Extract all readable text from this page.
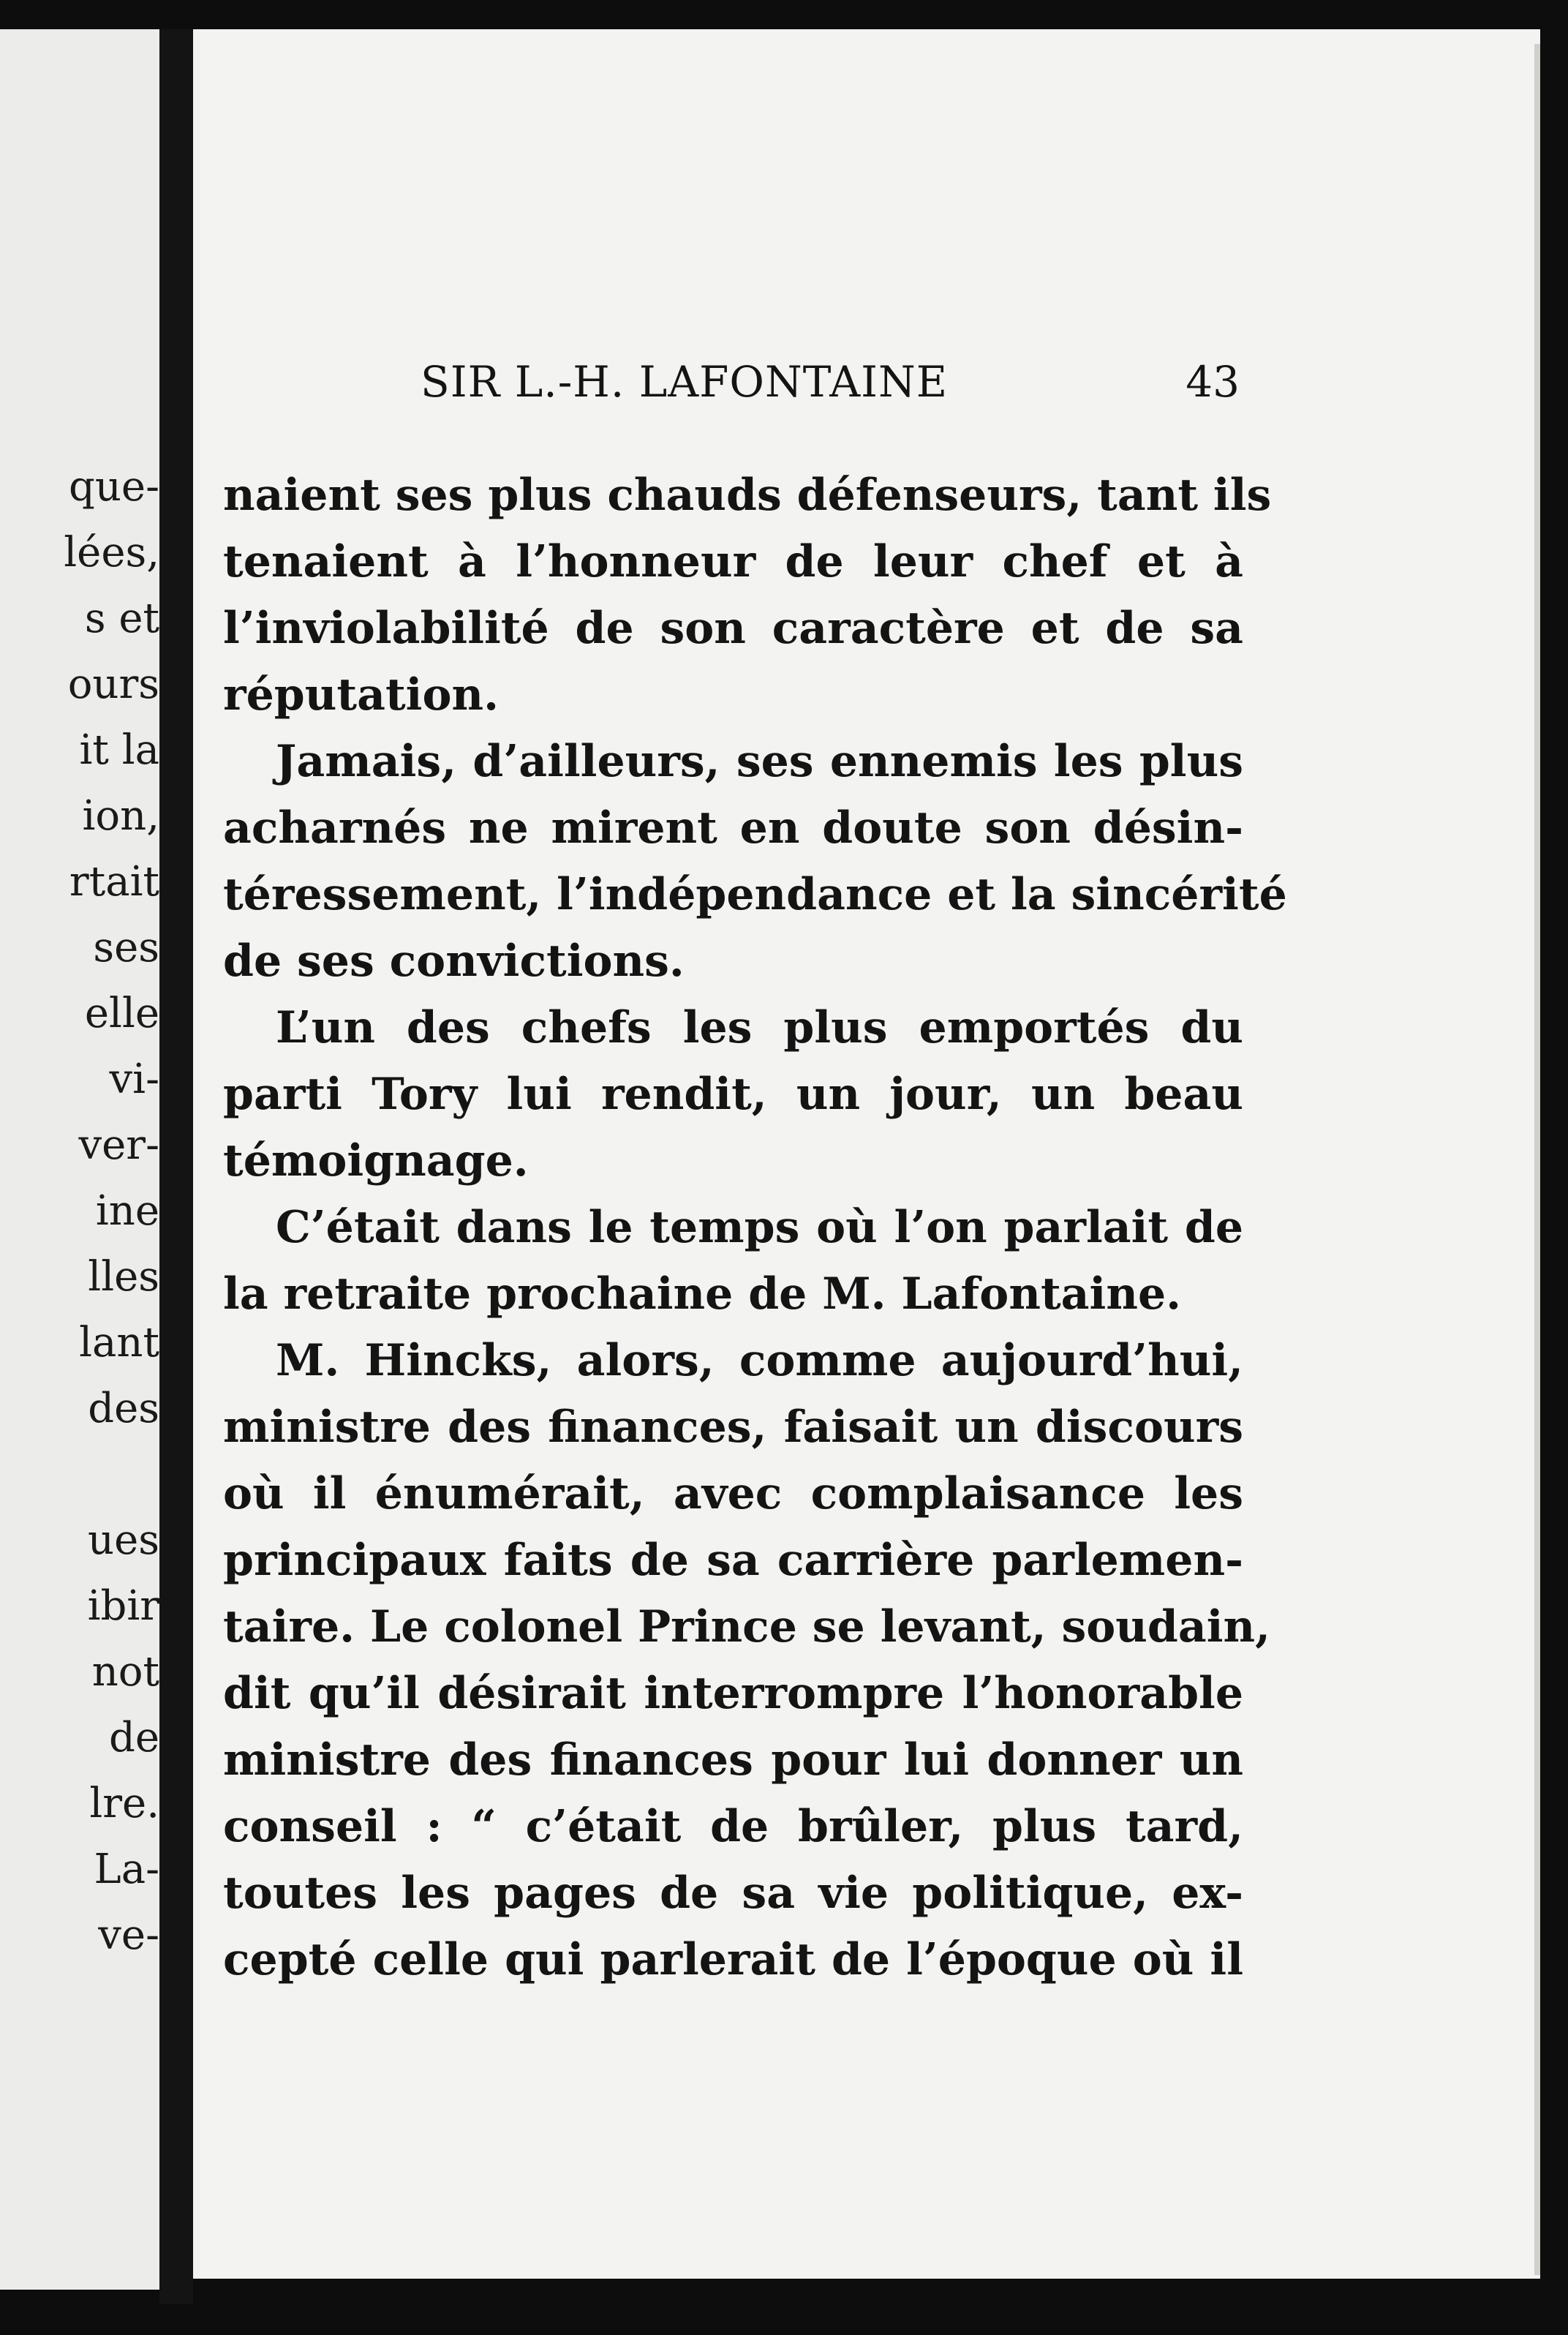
que-
lées,
s et
ours
it la
ion,
rtait
ses
elle
vi-
ver-
ine
lles
lant
des
ues
ibir
not
de
lre.
La-
ve-
SIR L.-H. LAFONTAINE	43
naient ses plus chauds défenseurs, tant ils
tenaient à l’honneur de leur chef et à
l’inviolabilité de son caractère et de sa
réputation.
Jamais, d’ailleurs, ses ennemis les plus
acharnés ne mirent en doute son désin-
téressement, l’indépendance et la sincérité
de ses convictions.
L’un des chefs les plus emportés du
parti Tory lui rendit, un jour, un beau
témoignage.
C’était dans le temps où l’on parlait de
la retraite prochaine de M. Lafontaine.
M. Hincks, alors, comme aujourd’hui,
ministre des finances, faisait un discours
où il énumérait, avec complaisance les
principaux faits de sa carrière parlemen-
taire. Le colonel Prince se levant, soudain,
dit qu’il désirait interrompre l’honorable
ministre des finances pour lui donner un
conseil : “ c’était de brûler, plus tard,
toutes les pages de sa vie politique, ex-
cepté celle qui parlerait de l’époque où il
